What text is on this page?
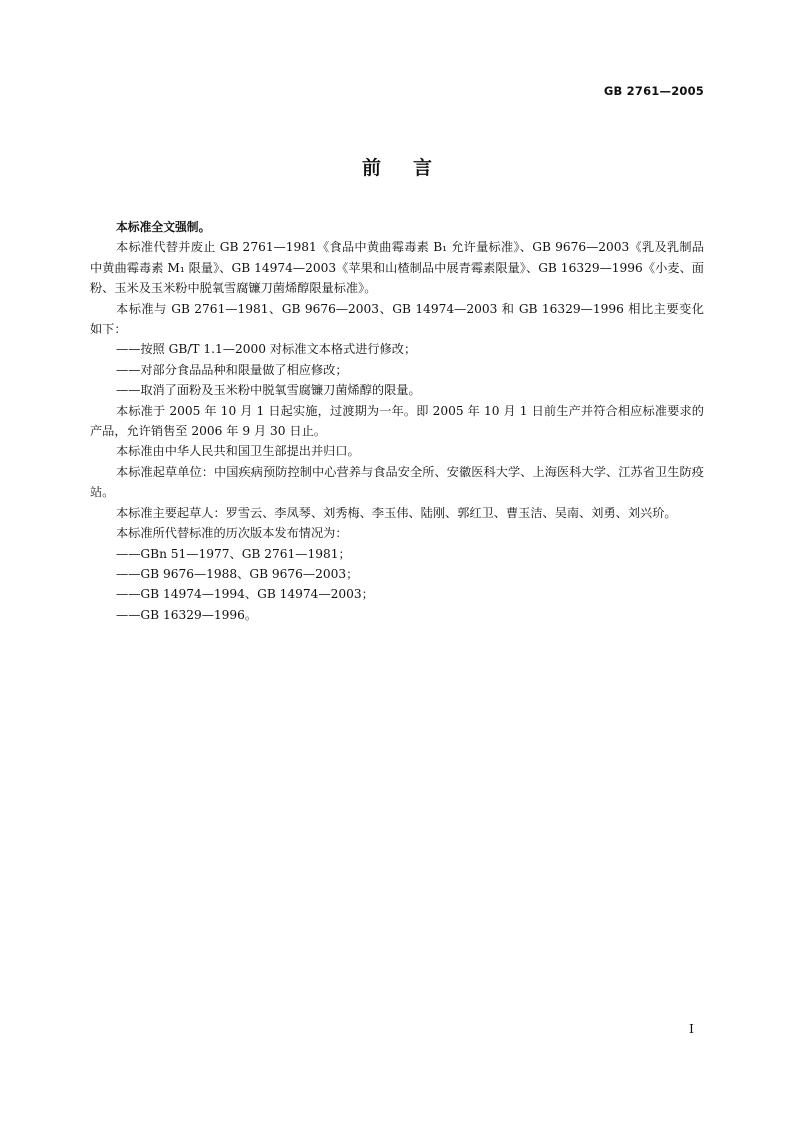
GB 2761—2005
前言

本标准全文强制。

本标准代替并废止 GB 2761—1981《食品中黄曲霉毒素 B₁ 允许量标准》、GB 9676—2003《乳及乳制品中黄曲霉毒素 M₁ 限量》、GB 14974—2003《苹果和山楂制品中展青霉素限量》、GB 16329—1996《小麦、面粉、玉米及玉米粉中脱氧雪腐镰刀菌烯醇限量标准》。

本标准与 GB 2761—1981、GB 9676—2003、GB 14974—2003 和 GB 16329—1996 相比主要变化如下：

——按照 GB/T 1.1—2000 对标准文本格式进行修改；

——对部分食品品种和限量做了相应修改；

——取消了面粉及玉米粉中脱氧雪腐镰刀菌烯醇的限量。

本标准于 2005 年 10 月 1 日起实施，过渡期为一年。即 2005 年 10 月 1 日前生产并符合相应标准要求的产品，允许销售至 2006 年 9 月 30 日止。

本标准由中华人民共和国卫生部提出并归口。

本标准起草单位：中国疾病预防控制中心营养与食品安全所、安徽医科大学、上海医科大学、江苏省卫生防疫站。

本标准主要起草人：罗雪云、李凤琴、刘秀梅、李玉伟、陆刚、郭红卫、曹玉洁、吴南、刘勇、刘兴玠。

本标准所代替标准的历次版本发布情况为：

——GBn 51—1977、GB 2761—1981；

——GB 9676—1988、GB 9676—2003；

——GB 14974—1994、GB 14974—2003；

——GB 16329—1996。

I
